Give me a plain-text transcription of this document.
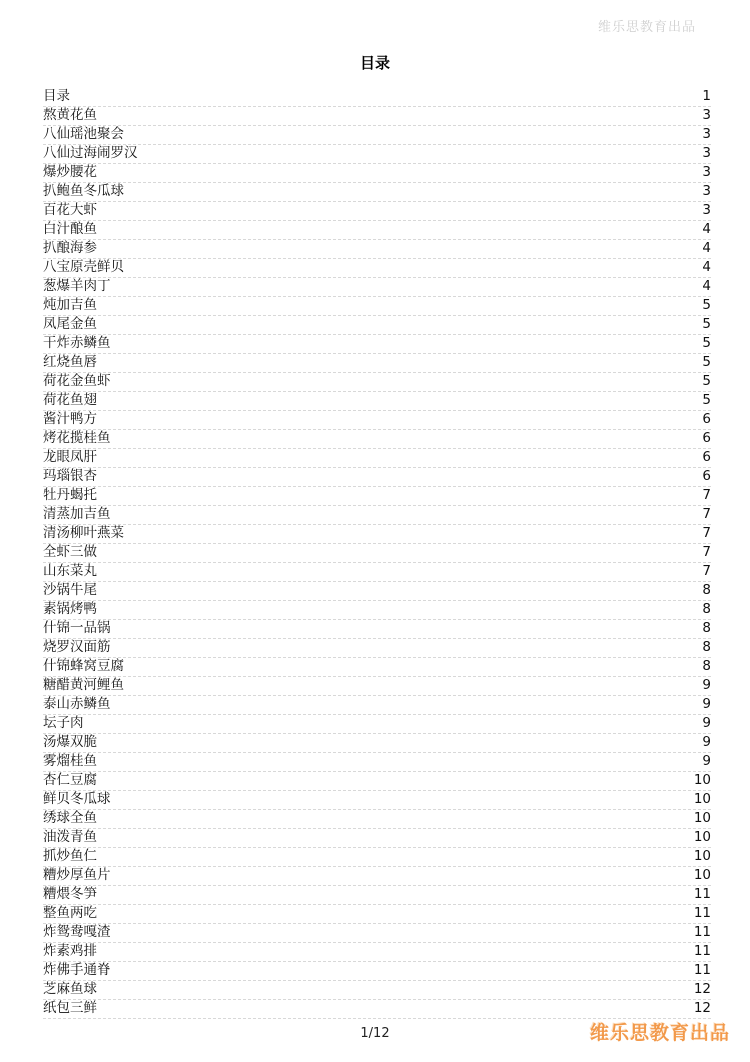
维乐思教育出品
目录
目录	1
熬黄花鱼	3
八仙瑶池聚会	3
八仙过海闹罗汉	3
爆炒腰花	3
扒鲍鱼冬瓜球	3
百花大虾	3
白汁酿鱼	4
扒酿海参	4
八宝原壳鲜贝	4
葱爆羊肉丁	4
炖加吉鱼	5
凤尾金鱼	5
干炸赤鳞鱼	5
红烧鱼唇	5
荷花金鱼虾	5
荷花鱼翅	5
酱汁鸭方	6
烤花揽桂鱼	6
龙眼凤肝	6
玛瑙银杏	6
牡丹蝎托	7
清蒸加吉鱼	7
清汤柳叶燕菜	7
全虾三做	7
山东菜丸	7
沙锅牛尾	8
素锅烤鸭	8
什锦一品锅	8
烧罗汉面筋	8
什锦蜂窝豆腐	8
糖醋黄河鲤鱼	9
泰山赤鳞鱼	9
坛子肉	9
汤爆双脆	9
雾熘桂鱼	9
杏仁豆腐	10
鲜贝冬瓜球	10
绣球全鱼	10
油泼青鱼	10
抓炒鱼仁	10
糟炒厚鱼片	10
糟煨冬笋	11
整鱼两吃	11
炸鸳鸯嘎渣	11
炸素鸡排	11
炸佛手通脊	11
芝麻鱼球	12
纸包三鲜	12
1/12	维乐思教育出品
